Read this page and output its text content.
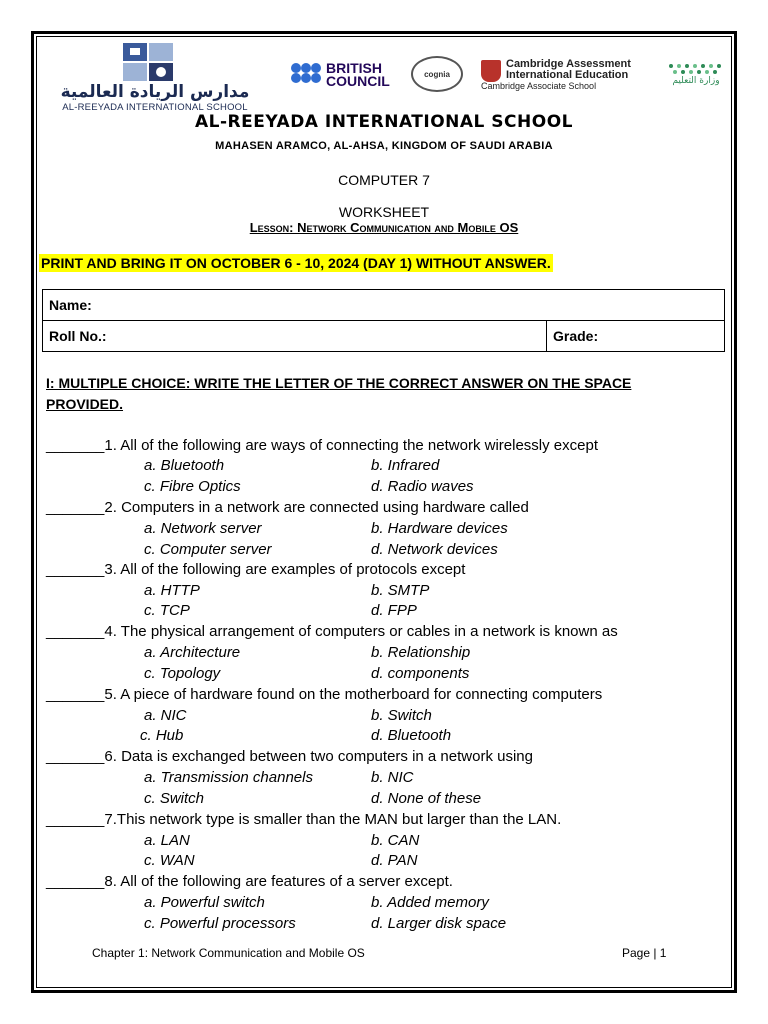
مدارس الريادة العالمية
AL-REEYADA INTERNATIONAL SCHOOL
BRITISH
COUNCIL	cognia
Cambridge Assessment
International Education
Cambridge Associate School	وزارة التعليم
AL-REEYADA INTERNATIONAL SCHOOL
MAHASEN ARAMCO, AL-AHSA, KINGDOM OF SAUDI ARABIA
COMPUTER 7
WORKSHEET
Lesson: Network Communication and Mobile OS
PRINT AND BRING IT ON OCTOBER 6 - 10, 2024 (DAY 1) WITHOUT ANSWER.
Name:
Roll No.:	Grade:
I: MULTIPLE CHOICE: WRITE THE LETTER OF THE CORRECT ANSWER ON THE SPACE PROVIDED.
_______1. All of the following are ways of connecting the network wirelessly except
a. Bluetooth	b. Infrared
c. Fibre Optics	d. Radio waves
_______2. Computers in a network are connected using hardware called
a. Network server	b. Hardware devices
c. Computer server	d. Network devices
_______3. All of the following are examples of protocols except
a. HTTP	b. SMTP
c. TCP	d. FPP
_______4. The physical arrangement of computers or cables in a network is known as
a. Architecture	b. Relationship
c. Topology	d. components
_______5. A piece of hardware found on the motherboard for connecting computers
a. NIC	b. Switch
c. Hub	d. Bluetooth
_______6. Data is exchanged between two computers in a network using
a. Transmission channels	b. NIC
c. Switch	d. None of these
_______7.This network type is smaller than the MAN but larger than the LAN.
a. LAN	b. CAN
c. WAN	d. PAN
_______8. All of the following are features of a server except.
a. Powerful switch	b. Added memory
c. Powerful processors	d. Larger disk space
Chapter 1: Network Communication and Mobile OS	Page | 1
